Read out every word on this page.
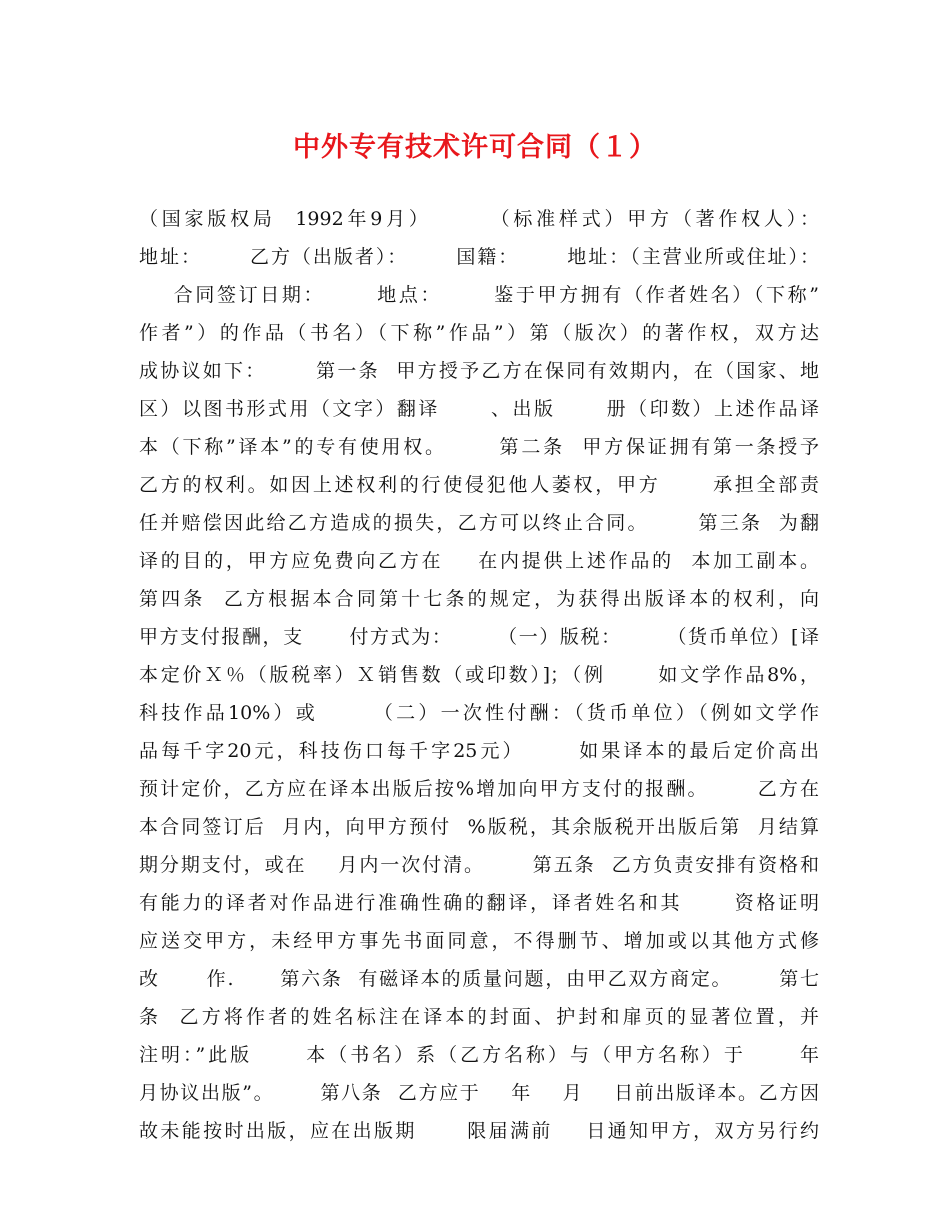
中外专有技术许可合同（１）
（国家版权局  1992年9月）      （标准样式）甲方（著作权人）：
地址：      乙方（出版者）：      国籍：      地址：（主营业所或住址）：
合同签订日期：      地点：      鉴于甲方拥有（作者姓名）（下称”
作者”）的作品（书名）（下称”作品”）第（版次）的著作权，双方达
成协议如下：      第一条  甲方授予乙方在保同有效期内，在（国家、地
区）以图书形式用（文字）翻译      、出版      册（印数）上述作品译
本（下称”译本”的专有使用权。      第二条  甲方保证拥有第一条授予
乙方的权利。如因上述权利的行使侵犯他人萎权，甲方      承担全部责
任并赔偿因此给乙方造成的损失，乙方可以终止合同。      第三条  为翻
译的目的，甲方应免费向乙方在    在内提供上述作品的  本加工副本。
第四条  乙方根据本合同第十七条的规定，为获得出版译本的权利，向
甲方支付报酬，支      付方式为：      （一）版税：      （货币单位）[译
本定价Ｘ％（版税率）Ｘ销售数（或印数）]；（例      如文学作品8%，
科技作品10%）或      （二）一次性付酬：（货币单位）（例如文学作
品每千字20元，科技伤口每千字25元）      如果译本的最后定价高出
预计定价，乙方应在译本出版后按%增加向甲方支付的报酬。      乙方在
本合同签订后  月内，向甲方预付  %版税，其余版税开出版后第  月结算
期分期支付，或在    月内一次付清。      第五条  乙方负责安排有资格和
有能力的译者对作品进行准确性确的翻译，译者姓名和其      资格证明
应送交甲方，未经甲方事先书面同意，不得删节、增加或以其他方式修
改      作.      第六条  有磁译本的质量问题，由甲乙双方商定。      第七
条  乙方将作者的姓名标注在译本的封面、护封和扉页的显著位置，并
注明：”此版      本（书名）系（乙方名称）与（甲方名称）于      年
月协议出版”。      第八条  乙方应于    年    月    日前出版译本。乙方因
故未能按时出版，应在出版期      限届满前    日通知甲方，双方另行约
